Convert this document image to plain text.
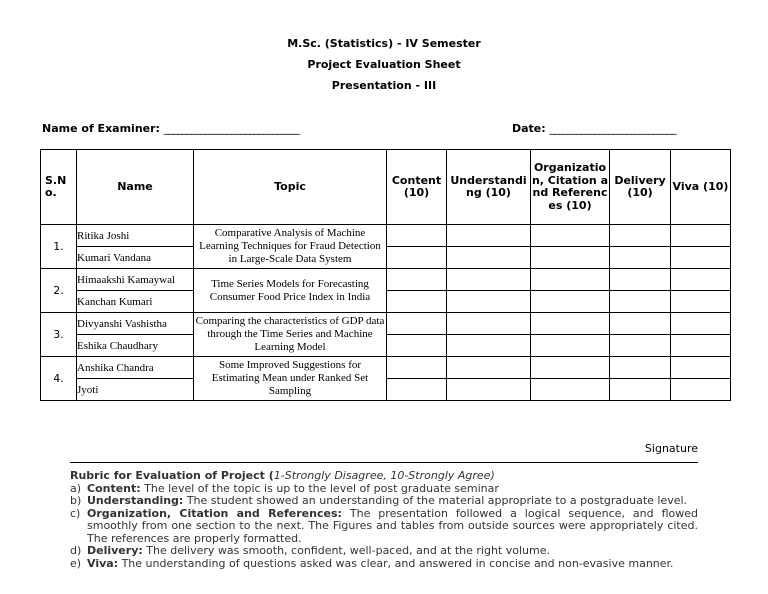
M.Sc. (Statistics) - IV Semester
Project Evaluation Sheet
Presentation - III
Name of Examiner: ______________________________	Date: ____________________________
S.No.	Name	Topic	Content (10)	Understanding (10)	Organization, Citation and References (10)	Delivery (10)	Viva (10)
1.	Ritika Joshi	Comparative Analysis of Machine Learning Techniques for Fraud Detection in Large-Scale Data System					
	Kumari Vandana						
2.	Himaakshi Kamaywal	Time Series Models for Forecasting Consumer Food Price Index in India					
	Kanchan Kumari						
3.	Divyanshi Vashistha	Comparing the characteristics of GDP data through the Time Series and Machine Learning Model					
	Eshika Chaudhary						
4.	Anshika Chandra	Some Improved Suggestions for Estimating Mean under Ranked Set Sampling					
	Jyoti						
Signature
Rubric for Evaluation of Project (1-Strongly Disagree, 10-Strongly Agree)
a) Content: The level of the topic is up to the level of post graduate seminar
b) Understanding: The student showed an understanding of the material appropriate to a postgraduate level.
c) Organization, Citation and References: The presentation followed a logical sequence, and flowed smoothly from one section to the next. The Figures and tables from outside sources were appropriately cited. The references are properly formatted.
d) Delivery: The delivery was smooth, confident, well-paced, and at the right volume.
e) Viva: The understanding of questions asked was clear, and answered in concise and non-evasive manner.
